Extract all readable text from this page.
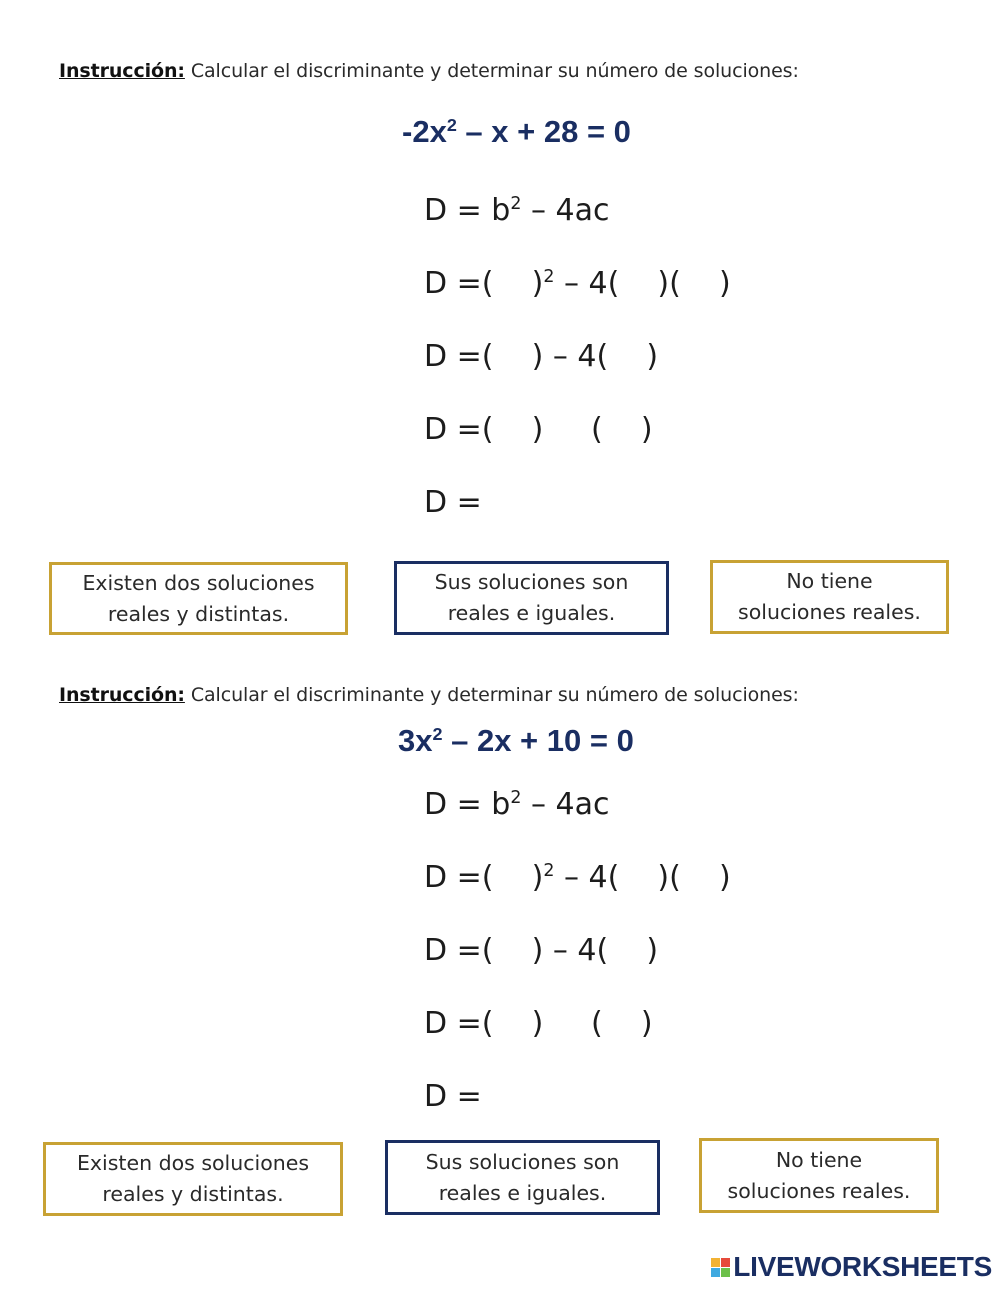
Instrucción: Calcular el discriminante y determinar su número de soluciones:
$-2x^2 - x + 28 = 0$
$D = b^2 - 4ac$
D =(    )$^2$ – 4(    )(    )
D =(    ) – 4(    )
D =(    )     (    )
D =
Existen dos soluciones
reales y distintas.
Sus soluciones son
reales e iguales.
No tiene
soluciones reales.
Instrucción: Calcular el discriminante y determinar su número de soluciones:
$3x^2 - 2x + 10 = 0$
$D = b^2 - 4ac$
D =(    )$^2$ – 4(    )(    )
D =(    ) – 4(    )
D =(    )     (    )
D =
Existen dos soluciones
reales y distintas.
Sus soluciones son
reales e iguales.
No tiene
soluciones reales.
LIVEWORKSHEETS
